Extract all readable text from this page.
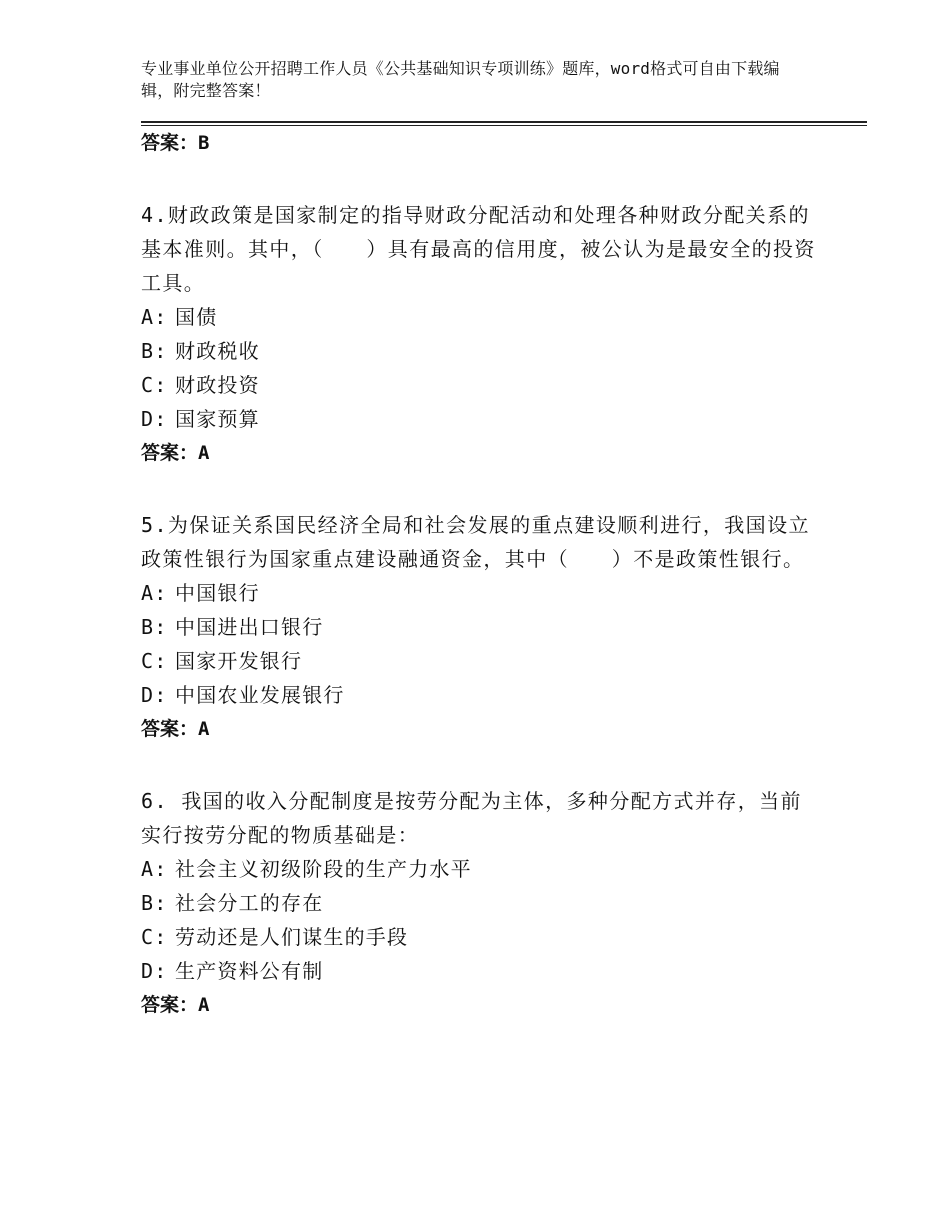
专业事业单位公开招聘工作人员《公共基础知识专项训练》题库，word格式可自由下载编辑，附完整答案！
答案：B
4.财政政策是国家制定的指导财政分配活动和处理各种财政分配关系的基本准则。其中，（　　）具有最高的信用度，被公认为是最安全的投资工具。
A: 国债
B: 财政税收
C: 财政投资
D: 国家预算
答案：A
5.为保证关系国民经济全局和社会发展的重点建设顺利进行，我国设立政策性银行为国家重点建设融通资金，其中（　　）不是政策性银行。
A: 中国银行
B: 中国进出口银行
C: 国家开发银行
D: 中国农业发展银行
答案：A
6. 我国的收入分配制度是按劳分配为主体，多种分配方式并存，当前实行按劳分配的物质基础是：
A: 社会主义初级阶段的生产力水平
B: 社会分工的存在
C: 劳动还是人们谋生的手段
D: 生产资料公有制
答案：A
